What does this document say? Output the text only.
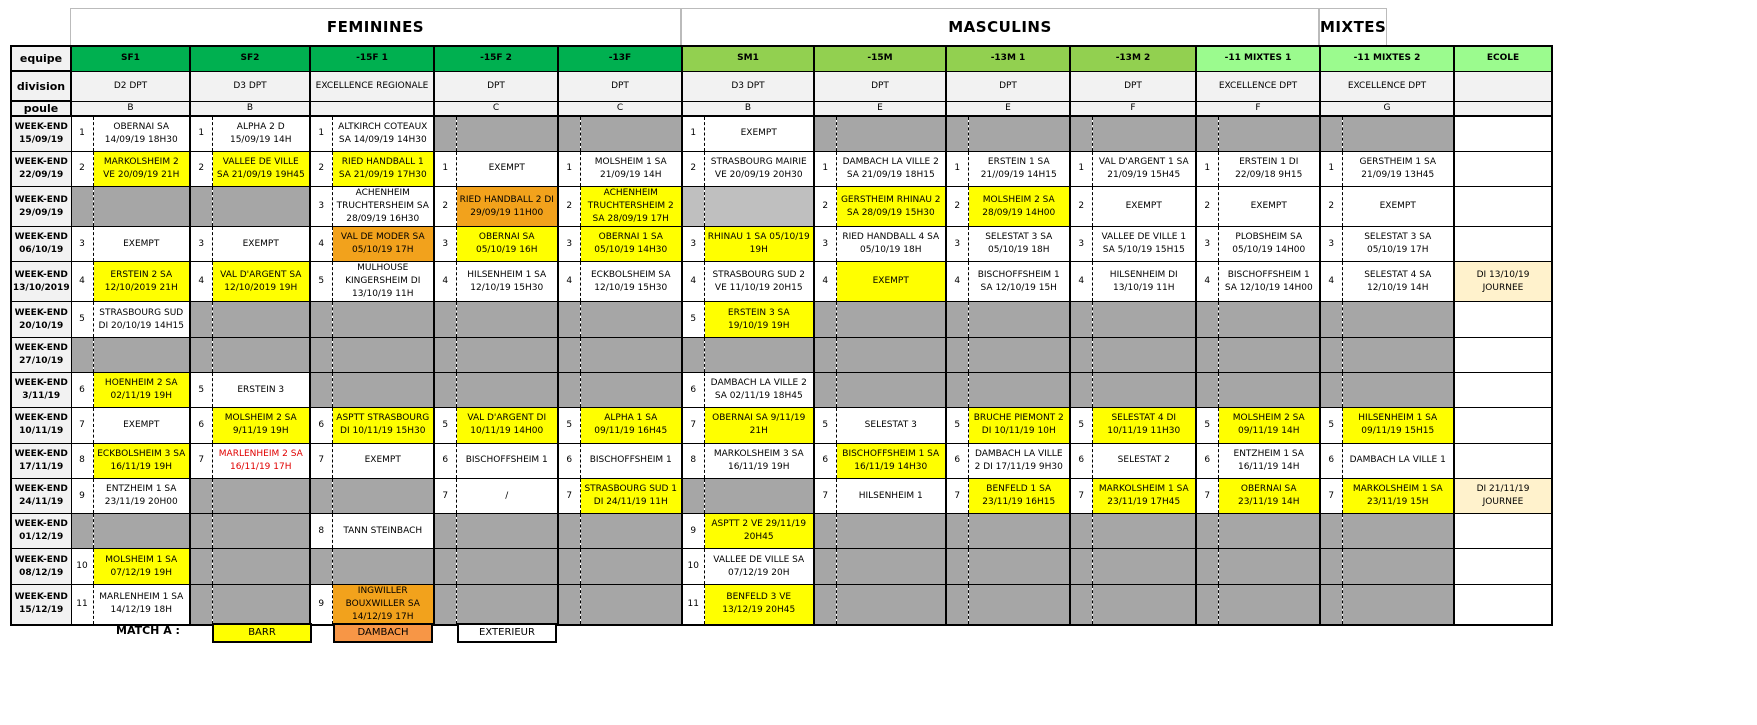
FEMININES	MASCULINS	MIXTES
equipe	SF1		SF2		-15F 1		-15F 2		-13F		SM1		-15M		-13M 1		-13M 2		-11 MIXTES 1		-11 MIXTES 2		ECOLE
division	D2 DPT		D3 DPT		EXCELLENCE REGIONALE		DPT		DPT		D3 DPT		DPT		DPT		DPT		EXCELLENCE DPT		EXCELLENCE DPT		
poule	B		B				C		C		B		E		E		F		F		G		
WEEK-END 15/09/19	1	OBERNAI SA 14/09/19 18H30	1	ALPHA 2 D 15/09/19 14H	1	ALTKIRCH COTEAUX SA 14/09/19 14H30					1	EXEMPT											
WEEK-END 22/09/19	2	MARKOLSHEIM 2 VE 20/09/19 21H	2	VALLEE DE VILLE SA 21/09/19 19H45	2	RIED HANDBALL 1 SA 21/09/19 17H30	1	EXEMPT	1	MOLSHEIM 1 SA 21/09/19 14H	2	STRASBOURG MAIRIE VE 20/09/19 20H30	1	DAMBACH LA VILLE 2 SA 21/09/19 18H15	1	ERSTEIN 1 SA 21//09/19 14H15	1	VAL D'ARGENT 1 SA 21/09/19 15H45	1	ERSTEIN 1 DI 22/09/18 9H15	1	GERSTHEIM 1 SA 21/09/19 13H45	
WEEK-END 29/09/19					3	ACHENHEIM TRUCHTERSHEIM SA 28/09/19 16H30	2	RIED HANDBALL 2 DI 29/09/19 11H00	2	ACHENHEIM TRUCHTERSHEIM 2 SA 28/09/19 17H			2	GERSTHEIM RHINAU 2 SA 28/09/19 15H30	2	MOLSHEIM 2 SA 28/09/19 14H00	2	EXEMPT	2	EXEMPT	2	EXEMPT	
WEEK-END 06/10/19	3	EXEMPT	3	EXEMPT	4	VAL DE MODER SA 05/10/19 17H	3	OBERNAI SA 05/10/19 16H	3	OBERNAI 1 SA 05/10/19 14H30	3	RHINAU 1 SA 05/10/19 19H	3	RIED HANDBALL 4 SA 05/10/19 18H	3	SELESTAT 3 SA 05/10/19 18H	3	VALLEE DE VILLE 1 SA 5/10/19 15H15	3	PLOBSHEIM SA 05/10/19 14H00	3	SELESTAT 3 SA 05/10/19 17H	
WEEK-END 13/10/2019	4	ERSTEIN 2 SA 12/10/2019 21H	4	VAL D'ARGENT SA 12/10/2019 19H	5	MULHOUSE KINGERSHEIM DI 13/10/19 11H	4	HILSENHEIM 1 SA 12/10/19 15H30	4	ECKBOLSHEIM SA 12/10/19 15H30	4	STRASBOURG SUD 2 VE 11/10/19 20H15	4	EXEMPT	4	BISCHOFFSHEIM 1 SA 12/10/19 15H	4	HILSENHEIM DI 13/10/19 11H	4	BISCHOFFSHEIM 1 SA 12/10/19 14H00	4	SELESTAT 4 SA 12/10/19 14H	DI 13/10/19 JOURNEE
WEEK-END 20/10/19	5	STRASBOURG SUD DI 20/10/19 14H15									5	ERSTEIN 3 SA 19/10/19 19H											
WEEK-END 27/10/19																							
WEEK-END 3/11/19	6	HOENHEIM 2 SA 02/11/19 19H	5	ERSTEIN 3							6	DAMBACH LA VILLE 2 SA 02/11/19 18H45											
WEEK-END 10/11/19	7	EXEMPT	6	MOLSHEIM 2 SA 9/11/19 19H	6	ASPTT STRASBOURG DI 10/11/19 15H30	5	VAL D'ARGENT DI 10/11/19 14H00	5	ALPHA 1 SA 09/11/19 16H45	7	OBERNAI SA 9/11/19 21H	5	SELESTAT 3	5	BRUCHE PIEMONT 2 DI 10/11/19 10H	5	SELESTAT 4 DI 10/11/19 11H30	5	MOLSHEIM 2 SA 09/11/19 14H	5	HILSENHEIM 1 SA 09/11/19 15H15	
WEEK-END 17/11/19	8	ECKBOLSHEIM 3 SA 16/11/19 19H	7	MARLENHEIM 2 SA 16/11/19 17H	7	EXEMPT	6	BISCHOFFSHEIM 1	6	BISCHOFFSHEIM 1	8	MARKOLSHEIM 3 SA 16/11/19 19H	6	BISCHOFFSHEIM 1 SA 16/11/19 14H30	6	DAMBACH LA VILLE 2 DI 17/11/19 9H30	6	SELESTAT 2	6	ENTZHEIM 1 SA 16/11/19 14H	6	DAMBACH LA VILLE 1	
WEEK-END 24/11/19	9	ENTZHEIM 1 SA 23/11/19 20H00					7	/	7	STRASBOURG SUD 1 DI 24/11/19 11H			7	HILSENHEIM 1	7	BENFELD 1 SA 23/11/19 16H15	7	MARKOLSHEIM 1 SA 23/11/19 17H45	7	OBERNAI SA 23/11/19 14H	7	MARKOLSHEIM 1 SA 23/11/19 15H	DI 21/11/19 JOURNEE
WEEK-END 01/12/19					8	TANN STEINBACH					9	ASPTT 2 VE 29/11/19 20H45											
WEEK-END 08/12/19	10	MOLSHEIM 1 SA 07/12/19 19H									10	VALLEE DE VILLE SA 07/12/19 20H											
WEEK-END 15/12/19	11	MARLENHEIM 1 SA 14/12/19 18H			9	INGWILLER BOUXWILLER SA 14/12/19 17H					11	BENFELD 3 VE 13/12/19 20H45											
MATCH A :	BARR	DAMBACH	EXTERIEUR
